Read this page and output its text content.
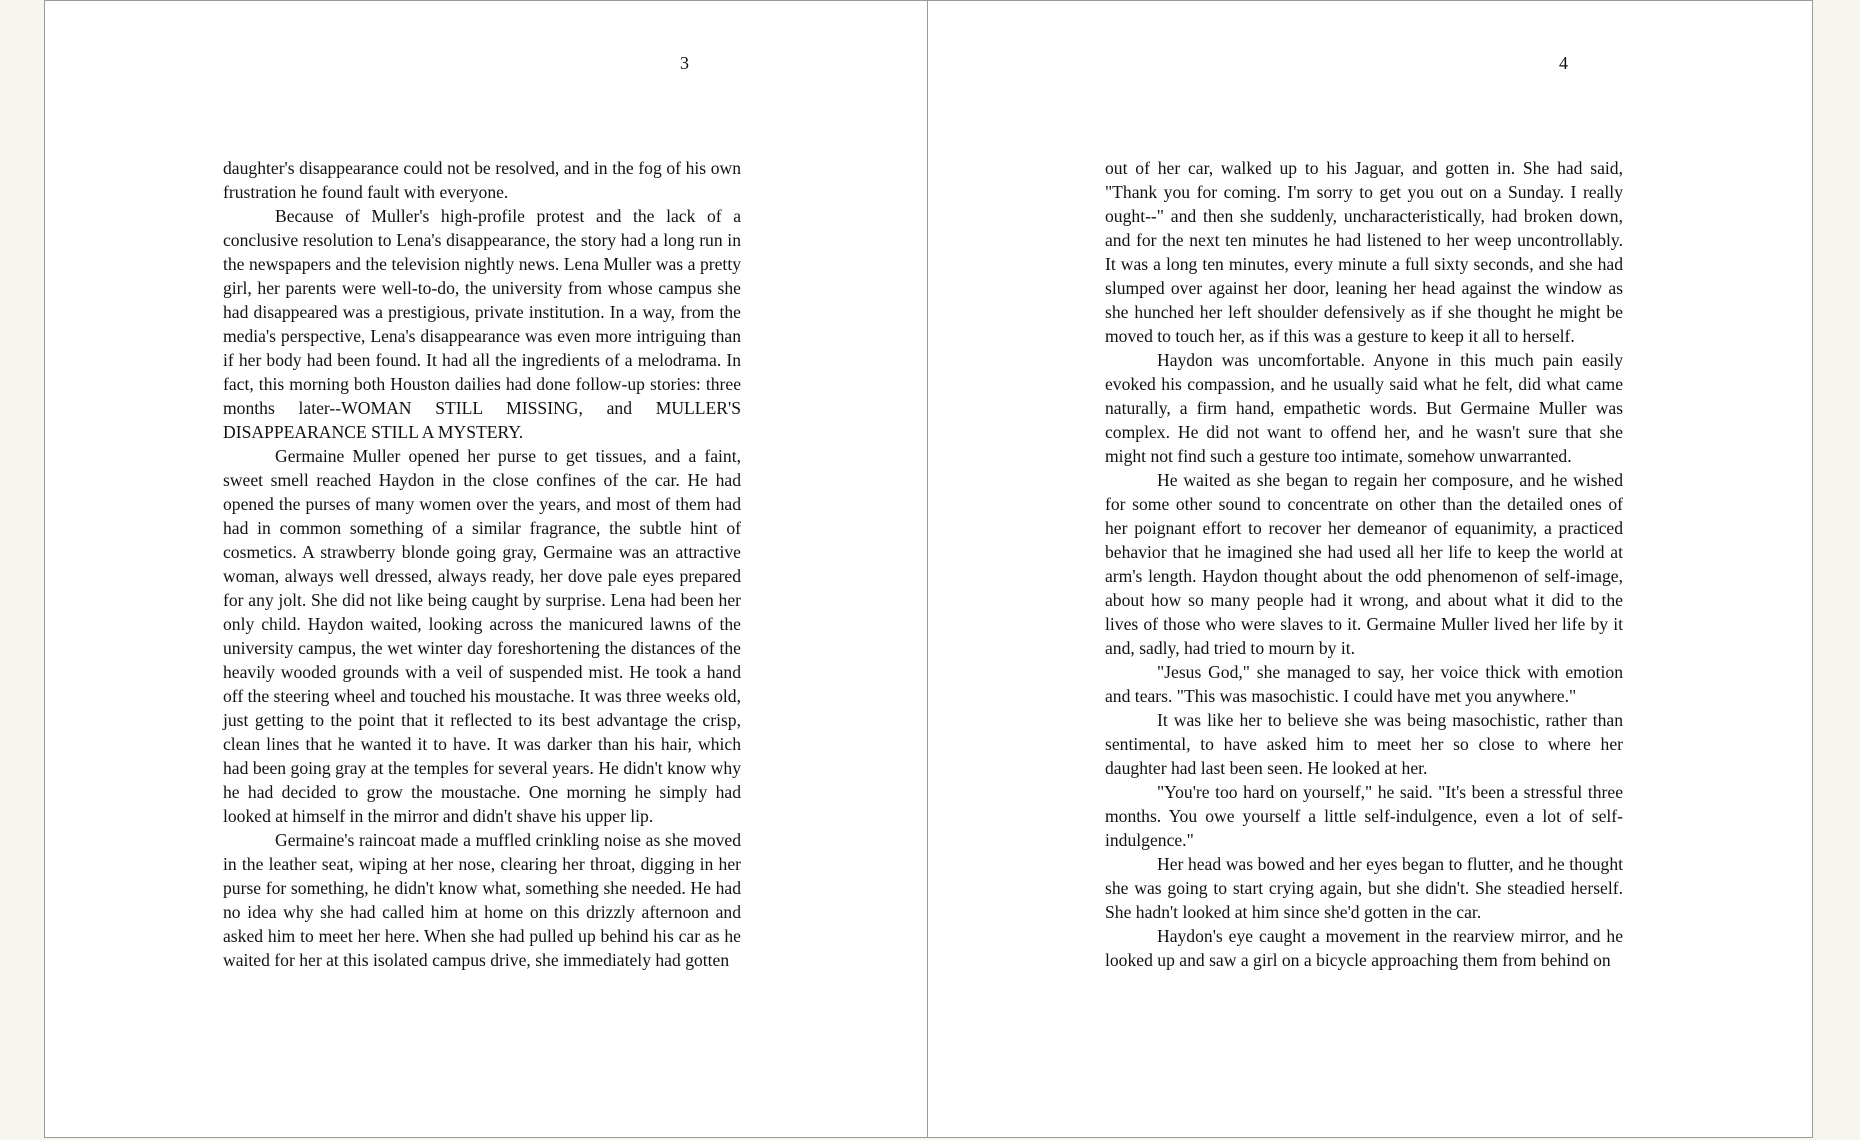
3

daughter's disappearance could not be resolved, and in the fog of his own frustration he found fault with everyone.

Because of Muller's high-profile protest and the lack of a conclusive resolution to Lena's disappearance, the story had a long run in the newspapers and the television nightly news. Lena Muller was a pretty girl, her parents were well-to-do, the university from whose campus she had disappeared was a prestigious, private institution. In a way, from the media's perspective, Lena's disappearance was even more intriguing than if her body had been found. It had all the ingredients of a melodrama. In fact, this morning both Houston dailies had done follow-up stories: three months later--WOMAN STILL MISSING, and MULLER'S DISAPPEARANCE STILL A MYSTERY.

Germaine Muller opened her purse to get tissues, and a faint, sweet smell reached Haydon in the close confines of the car. He had opened the purses of many women over the years, and most of them had had in common something of a similar fragrance, the subtle hint of cosmetics. A strawberry blonde going gray, Germaine was an attractive woman, always well dressed, always ready, her dove pale eyes prepared for any jolt. She did not like being caught by surprise. Lena had been her only child. Haydon waited, looking across the manicured lawns of the university campus, the wet winter day foreshortening the distances of the heavily wooded grounds with a veil of suspended mist. He took a hand off the steering wheel and touched his moustache. It was three weeks old, just getting to the point that it reflected to its best advantage the crisp, clean lines that he wanted it to have. It was darker than his hair, which had been going gray at the temples for several years. He didn't know why he had decided to grow the moustache. One morning he simply had looked at himself in the mirror and didn't shave his upper lip.

Germaine's raincoat made a muffled crinkling noise as she moved in the leather seat, wiping at her nose, clearing her throat, digging in her purse for something, he didn't know what, something she needed. He had no idea why she had called him at home on this drizzly afternoon and asked him to meet her here. When she had pulled up behind his car as he waited for her at this isolated campus drive, she immediately had gotten

4

out of her car, walked up to his Jaguar, and gotten in. She had said, "Thank you for coming. I'm sorry to get you out on a Sunday. I really ought--" and then she suddenly, uncharacteristically, had broken down, and for the next ten minutes he had listened to her weep uncontrollably. It was a long ten minutes, every minute a full sixty seconds, and she had slumped over against her door, leaning her head against the window as she hunched her left shoulder defensively as if she thought he might be moved to touch her, as if this was a gesture to keep it all to herself.

Haydon was uncomfortable. Anyone in this much pain easily evoked his compassion, and he usually said what he felt, did what came naturally, a firm hand, empathetic words. But Germaine Muller was complex. He did not want to offend her, and he wasn't sure that she might not find such a gesture too intimate, somehow unwarranted.

He waited as she began to regain her composure, and he wished for some other sound to concentrate on other than the detailed ones of her poignant effort to recover her demeanor of equanimity, a practiced behavior that he imagined she had used all her life to keep the world at arm's length. Haydon thought about the odd phenomenon of self-image, about how so many people had it wrong, and about what it did to the lives of those who were slaves to it. Germaine Muller lived her life by it and, sadly, had tried to mourn by it.

"Jesus God," she managed to say, her voice thick with emotion and tears. "This was masochistic. I could have met you anywhere."

It was like her to believe she was being masochistic, rather than sentimental, to have asked him to meet her so close to where her daughter had last been seen. He looked at her.

"You're too hard on yourself," he said. "It's been a stressful three months. You owe yourself a little self-indulgence, even a lot of self-indulgence."

Her head was bowed and her eyes began to flutter, and he thought she was going to start crying again, but she didn't. She steadied herself. She hadn't looked at him since she'd gotten in the car.

Haydon's eye caught a movement in the rearview mirror, and he looked up and saw a girl on a bicycle approaching them from behind on
